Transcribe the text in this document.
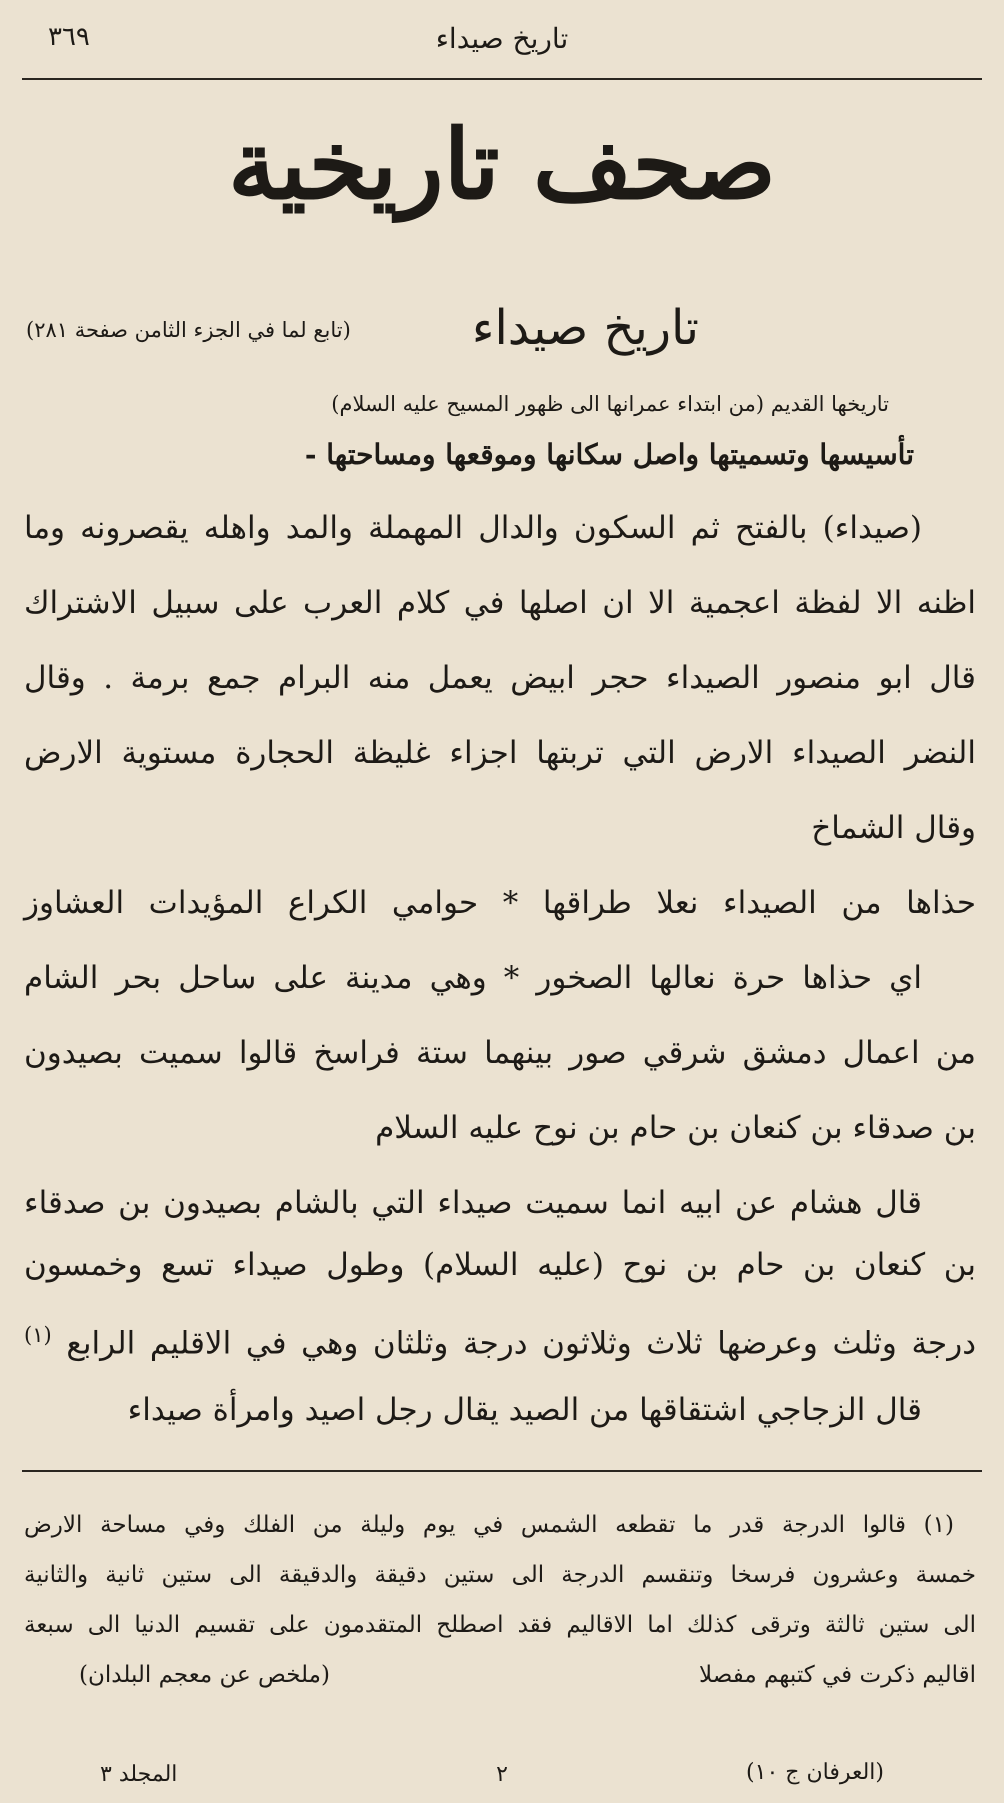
تاريخ صيداء
٣٦٩
صحف تاريخية
تاريخ صيداء
(تابع لما في الجزء الثامن صفحة ٢٨١)
تاريخها القديم (من ابتداء عمرانها الى ظهور المسيح عليه السلام)
تأسيسها وتسميتها واصل سكانها وموقعها ومساحتها -
(صيداء) بالفتح ثم السكون والدال المهملة والمد واهله يقصرونه وما
اظنه الا لفظة اعجمية الا ان اصلها في كلام العرب على سبيل الاشتراك
قال ابو منصور الصيداء حجر ابيض يعمل منه البرام جمع برمة . وقال
النضر الصيداء الارض التي تربتها اجزاء غليظة الحجارة مستوية الارض
وقال الشماخ
حذاها من الصيداء نعلا طراقها * حوامي الكراع المؤيدات العشاوز
اي حذاها حرة نعالها الصخور * وهي مدينة على ساحل بحر الشام
من اعمال دمشق شرقي صور بينهما ستة فراسخ قالوا سميت بصيدون
بن صدقاء بن كنعان بن حام بن نوح عليه السلام
قال هشام عن ابيه انما سميت صيداء التي بالشام بصيدون بن صدقاء
بن كنعان بن حام بن نوح (عليه السلام) وطول صيداء تسع وخمسون
درجة وثلث وعرضها ثلاث وثلاثون درجة وثلثان وهي في الاقليم الرابع $^{(١)}$
قال الزجاجي اشتقاقها من الصيد يقال رجل اصيد وامرأة صيداء
(١) قالوا الدرجة قدر ما تقطعه الشمس في يوم وليلة من الفلك وفي مساحة الارض
خمسة وعشرون فرسخا وتنقسم الدرجة الى ستين دقيقة والدقيقة الى ستين ثانية والثانية
الى ستين ثالثة وترقى كذلك اما الاقاليم فقد اصطلح المتقدمون على تقسيم الدنيا الى سبعة
اقاليم ذكرت في كتبهم مفصلا
(ملخص عن معجم البلدان)
(العرفان ج ١٠)
٢
المجلد ٣
